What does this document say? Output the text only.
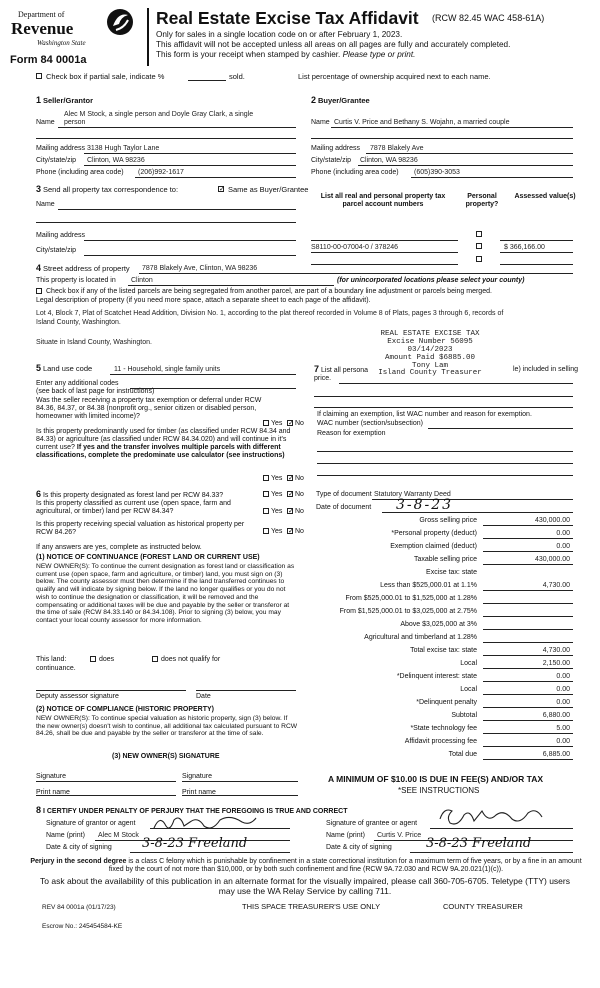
Department of
Revenue
Washington State
Form 84 0001a
Real Estate Excise Tax Affidavit (RCW 82.45 WAC 458-61A)
Only for sales in a single location code on or after February 1, 2023.
This affidavit will not be accepted unless all areas on all pages are fully and accurately completed.
This form is your receipt when stamped by cashier. Please type or print.
Check box if partial sale, indicate %	sold.	List percentage of ownership acquired next to each name.
1 Seller/Grantor
Alec M Stock, a single person and Doyle Gray Clark, a single
Name person
Mailing address 3138 Hugh Taylor Lane
City/state/zip Clinton, WA 98236
Phone (including area code) (206)992-1617
2 Buyer/Grantee
Name Curtis V. Price and Bethany S. Wojahn, a married couple
Mailing address 7878 Blakely Ave
City/state/zip Clinton, WA 98236
Phone (including area code) (605)390-3053
3 Send all property tax correspondence to: ✓	Same as Buyer/Grantee
Name
Mailing address
City/state/zip
List all real and personal property tax parcel account numbers
Personal property?
Assessed value(s)
S8110-00-07004-0 / 378246	$ 366,166.00
4 Street address of property 7878 Blakely Ave, Clinton, WA 98236
This property is located in Clinton	(for unincorporated locations please select your county)
Check box if any of the listed parcels are being segregated from another parcel, are part of a boundary line adjustment or parcels being merged.
Legal description of property (if you need more space, attach a separate sheet to each page of the affidavit).
Lot 4, Block 7, Plat of Scatchet Head Addition, Division No. 1, according to the plat thereof recorded in Volume 8 of Plats, pages 3 through 6, records of
Island County, Washington.
Situate in Island County, Washington.
REAL ESTATE EXCISE TAX
Excise Number 56095
03/14/2023
Amount Paid $6885.00
Tony Lam
Island County Treasurer
5 Land use code	11 - Household, single family units
Enter any additional codes
(see back of last page for instructions)
Was the seller receiving a property tax exemption or deferral under RCW 84.36, 84.37, or 84.38 (nonprofit org., senior citizen or disabled person, homeowner with limited income)?
Yes ✓ No
Is this property predominantly used for timber (as classified under RCW 84.34 and 84.33) or agriculture (as classified under RCW 84.34.020) and will continue in it's current use? If yes and the transfer involves multiple parcels with different classifications, complete the predominate use calculator (see instructions)
Yes ✓ No
7 List all persona	le) included in selling
price.
If claiming an exemption, list WAC number and reason for exemption.
WAC number (section/subsection)
Reason for exemption
6 Is this property designated as forest land per RCW 84.33?	Yes ✓ No
Is this property classified as current use (open space, farm and agricultural, or timber) land per RCW 84.34?	Yes ✓ No
Is this property receiving special valuation as historical property per RCW 84.26?	Yes ✓ No
If any answers are yes, complete as instructed below.
(1) NOTICE OF CONTINUANCE (FOREST LAND OR CURRENT USE)
NEW OWNER(S): To continue the current designation as forest land or classification as current use (open space, farm and agriculture, or timber) land, you must sign on (3) below. The county assessor must then determine if the land transferred continues to qualify and will indicate by signing below. If the land no longer qualifies or you do not wish to continue the designation or classification, it will be removed and the compensating or additional taxes will be due and payable by the seller or transferor at the time of sale (RCW 84.33.140 or 84.34.108). Prior to signing (3) below, you may contact your local county assessor for more information.
This land:	does	does not qualify for
continuance.
Deputy assessor signature	Date
(2) NOTICE OF COMPLIANCE (HISTORIC PROPERTY)
NEW OWNER(S): To continue special valuation as historic property, sign (3) below. If the new owner(s) doesn't wish to continue, all additional tax calculated pursuant to RCW 84.26, shall be due and payable by the seller or transferor at the time of sale.
(3) NEW OWNER(S) SIGNATURE
Signature	Signature
Print name	Print name
Type of document Statutory Warranty Deed
Date of document 3-8-23
Gross selling price	430,000.00
*Personal property (deduct)	0.00
Exemption claimed (deduct)	0.00
Taxable selling price	430,000.00
Excise tax: state
Less than $525,000.01 at 1.1%	4,730.00
From $525,000.01 to $1,525,000 at 1.28%
From $1,525,000.01 to $3,025,000 at 2.75%
Above $3,025,000 at 3%
Agricultural and timberland at 1.28%
Total excise tax: state	4,730.00
Local	2,150.00
*Delinquent interest: state	0.00
Local	0.00
*Delinquent penalty	0.00
Subtotal	6,880.00
*State technology fee	5.00
Affidavit processing fee	0.00
Total due	6,885.00
A MINIMUM OF $10.00 IS DUE IN FEE(S) AND/OR TAX
*SEE INSTRUCTIONS
8 I CERTIFY UNDER PENALTY OF PERJURY THAT THE FOREGOING IS TRUE AND CORRECT
Signature of grantor or agent
Name (print) Alec M Stock
Date & city of signing 3-8-23 Freeland
Signature of grantee or agent
Name (print) Curtis V. Price
Date & city of signing	3-8-23 Freeland
Perjury in the second degree is a class C felony which is punishable by confinement in a state correctional institution for a maximum term of five years, or by a fine in an amount fixed by the court of not more than $10,000, or by both such confinement and fine (RCW 9A.72.030 and RCW 9A.20.021(1)(c)).
To ask about the availability of this publication in an alternate format for the visually impaired, please call 360-705-6705. Teletype (TTY) users may use the WA Relay Service by calling 711.
REV 84 0001a (01/17/23)	THIS SPACE TREASURER'S USE ONLY	COUNTY TREASURER
Escrow No.: 245454584-KE
